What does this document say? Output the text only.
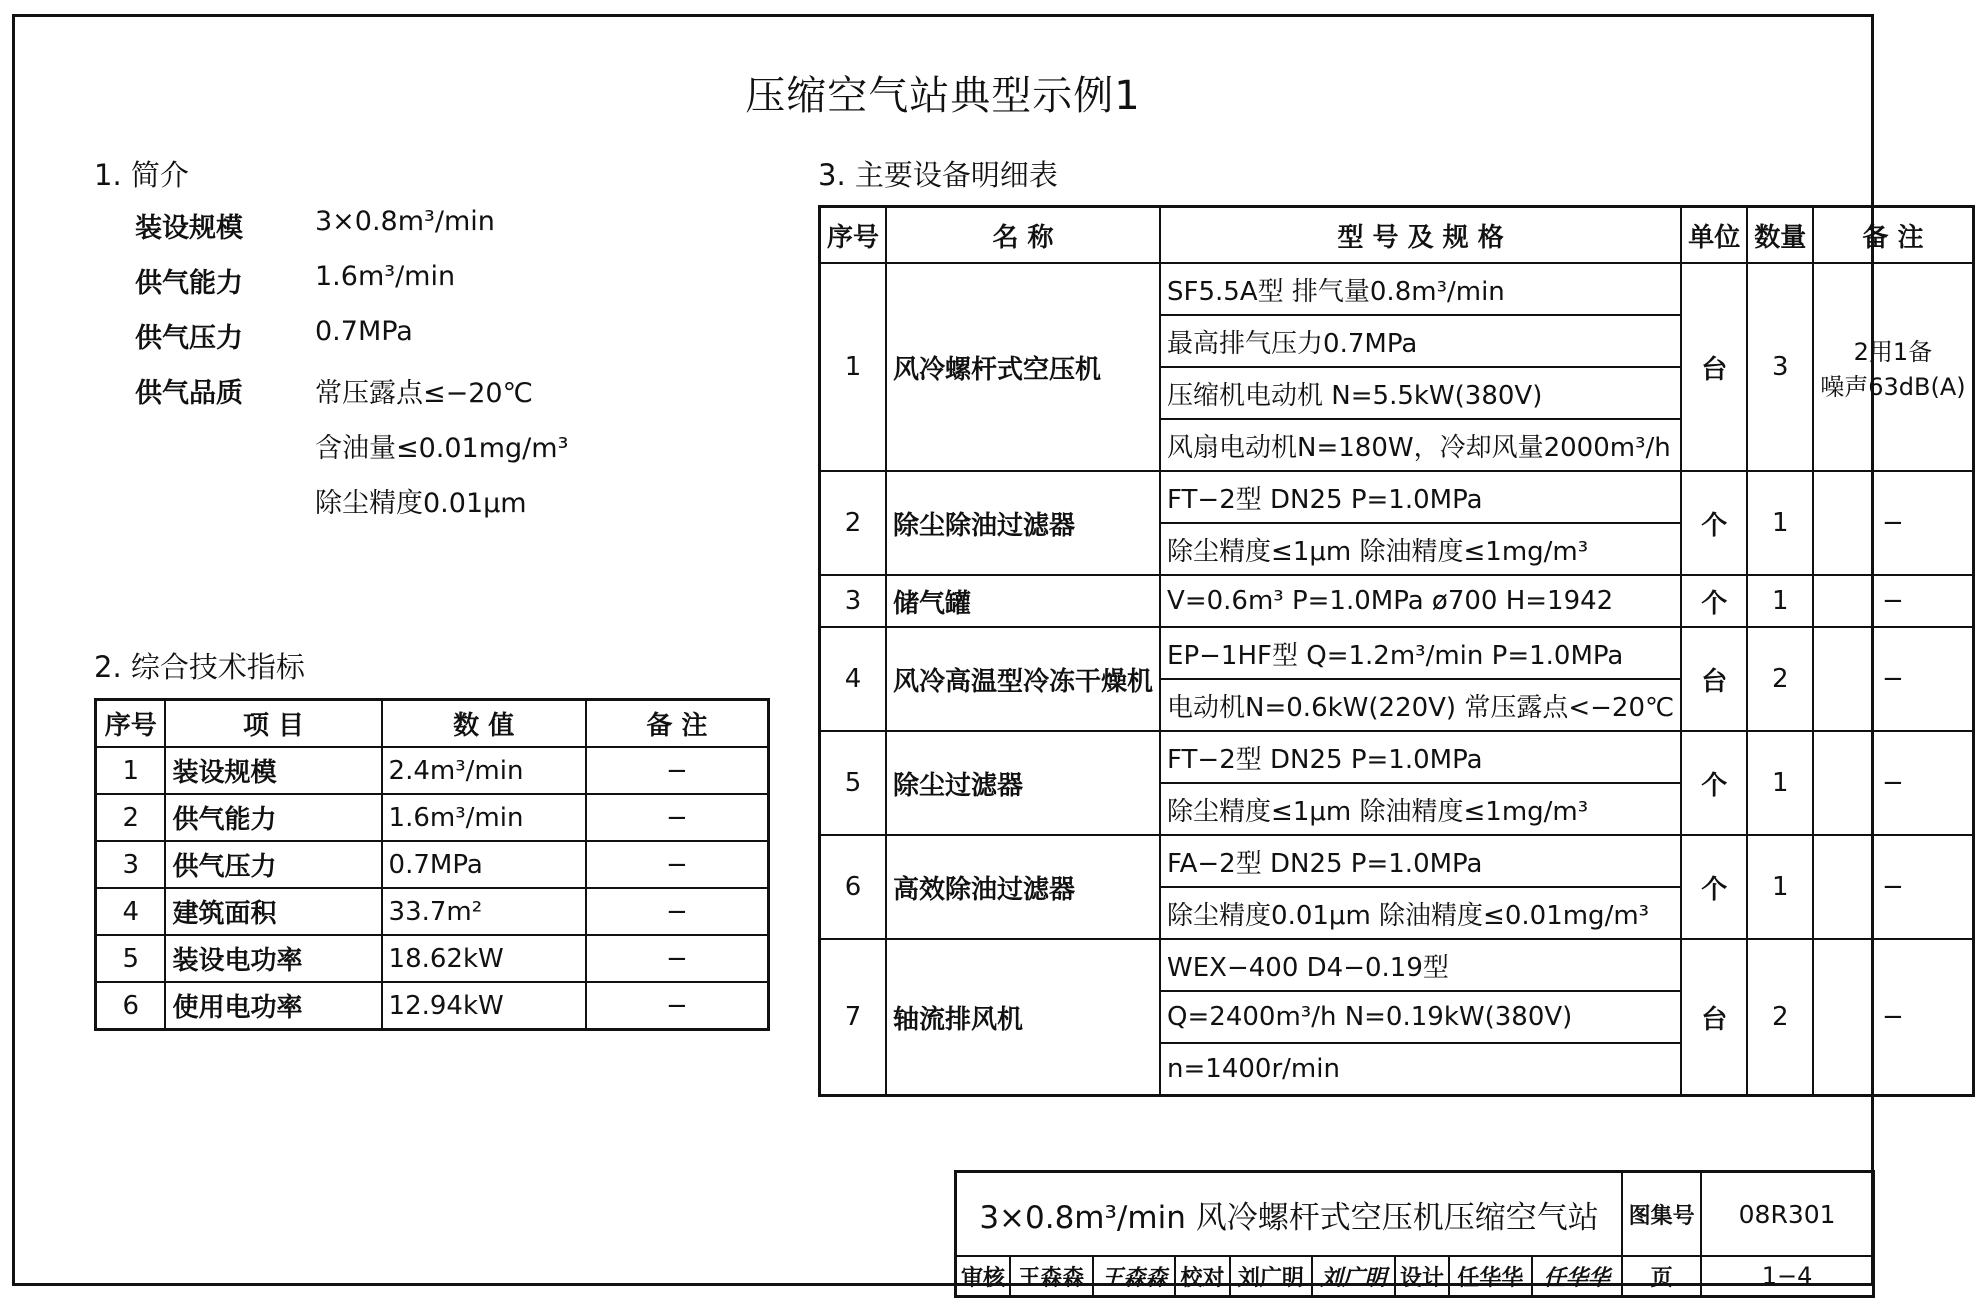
压缩空气站典型示例1
1. 简介
装设规模	3×0.8m³/min
供气能力	1.6m³/min
供气压力	0.7MPa
供气品质	常压露点≤−20℃
含油量≤0.01mg/m³
除尘精度0.01μm
2. 综合技术指标
序号	项 目	数 值	备 注
1	装设规模	2.4m³/min	−
2	供气能力	1.6m³/min	−
3	供气压力	0.7MPa	−
4	建筑面积	33.7m²	−
5	装设电功率	18.62kW	−
6	使用电功率	12.94kW	−
3. 主要设备明细表
序号	名 称	型 号 及 规 格	单位	数量	备 注
1	风冷螺杆式空压机	SF5.5A型 排气量0.8m³/min	台	3	2用1备
噪声63dB(A)

		最高排气压力0.7MPa			
		压缩机电动机 N=5.5kW(380V)			
		风扇电动机N=180W，冷却风量2000m³/h			
2	除尘除油过滤器	FT−2型 DN25 P=1.0MPa	个	1	−

		除尘精度≤1μm 除油精度≤1mg/m³			
3	储气罐	V=0.6m³ P=1.0MPa ø700 H=1942	个	1	−

4	风冷高温型冷冻干燥机	EP−1HF型 Q=1.2m³/min P=1.0MPa	台	2	−

		电动机N=0.6kW(220V) 常压露点<−20℃			
5	除尘过滤器	FT−2型 DN25 P=1.0MPa	个	1	−

		除尘精度≤1μm 除油精度≤1mg/m³			
6	高效除油过滤器	FA−2型 DN25 P=1.0MPa	个	1	−

		除尘精度0.01μm 除油精度≤0.01mg/m³			
7	轴流排风机	WEX−400 D4−0.19型	台	2	−

		Q=2400m³/h N=0.19kW(380V)			
		n=1400r/min			
3×0.8m³/min 风冷螺杆式空压机压缩空气站									图集号	08R301
审核	王森森	王森森	校对	刘广明	刘广明	设计	任华华	任华华	页	1−4
